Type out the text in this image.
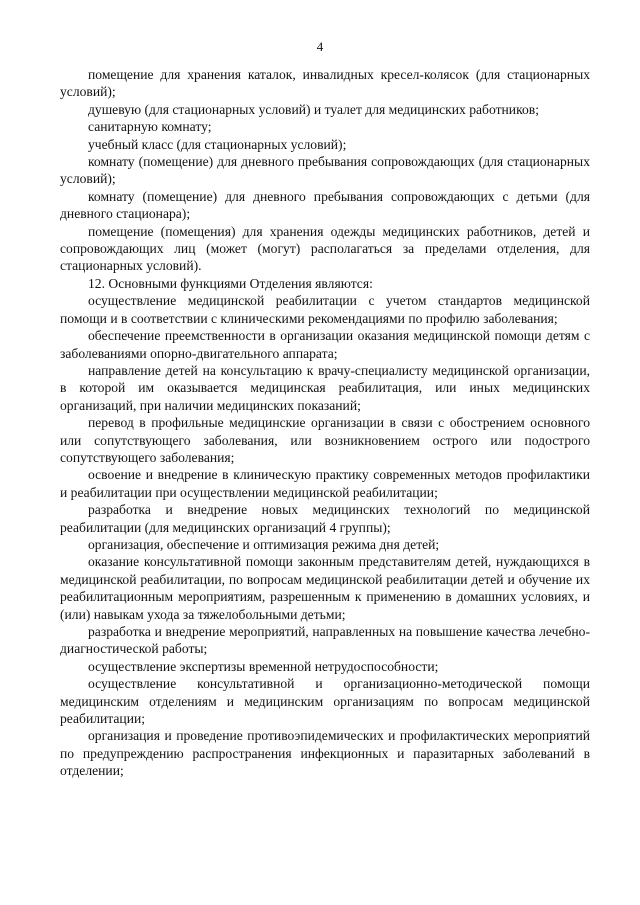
4

помещение для хранения каталок, инвалидных кресел-колясок (для стационарных условий);

душевую (для стационарных условий) и туалет для медицинских работников;

санитарную комнату;

учебный класс (для стационарных условий);

комнату (помещение) для дневного пребывания сопровождающих (для стационарных условий);

комнату (помещение) для дневного пребывания сопровождающих с детьми (для дневного стационара);

помещение (помещения) для хранения одежды медицинских работников, детей и сопровождающих лиц (может (могут) располагаться за пределами отделения, для стационарных условий).

12. Основными функциями Отделения являются:

осуществление медицинской реабилитации с учетом стандартов медицинской помощи и в соответствии с клиническими рекомендациями по профилю заболевания;

обеспечение преемственности в организации оказания медицинской помощи детям с заболеваниями опорно-двигательного аппарата;

направление детей на консультацию к врачу-специалисту медицинской организации, в которой им оказывается медицинская реабилитация, или иных медицинских организаций, при наличии медицинских показаний;

перевод в профильные медицинские организации в связи с обострением основного или сопутствующего заболевания, или возникновением острого или подострого сопутствующего заболевания;

освоение и внедрение в клиническую практику современных методов профилактики и реабилитации при осуществлении медицинской реабилитации;

разработка и внедрение новых медицинских технологий по медицинской реабилитации (для медицинских организаций 4 группы);

организация, обеспечение и оптимизация режима дня детей;

оказание консультативной помощи законным представителям детей, нуждающихся в медицинской реабилитации, по вопросам медицинской реабилитации детей и обучение их реабилитационным мероприятиям, разрешенным к применению в домашних условиях, и (или) навыкам ухода за тяжелобольными детьми;

разработка и внедрение мероприятий, направленных на повышение качества лечебно-диагностической работы;

осуществление экспертизы временной нетрудоспособности;

осуществление консультативной и организационно-методической помощи медицинским отделениям и медицинским организациям по вопросам медицинской реабилитации;

организация и проведение противоэпидемических и профилактических мероприятий по предупреждению распространения инфекционных и паразитарных заболеваний в отделении;
